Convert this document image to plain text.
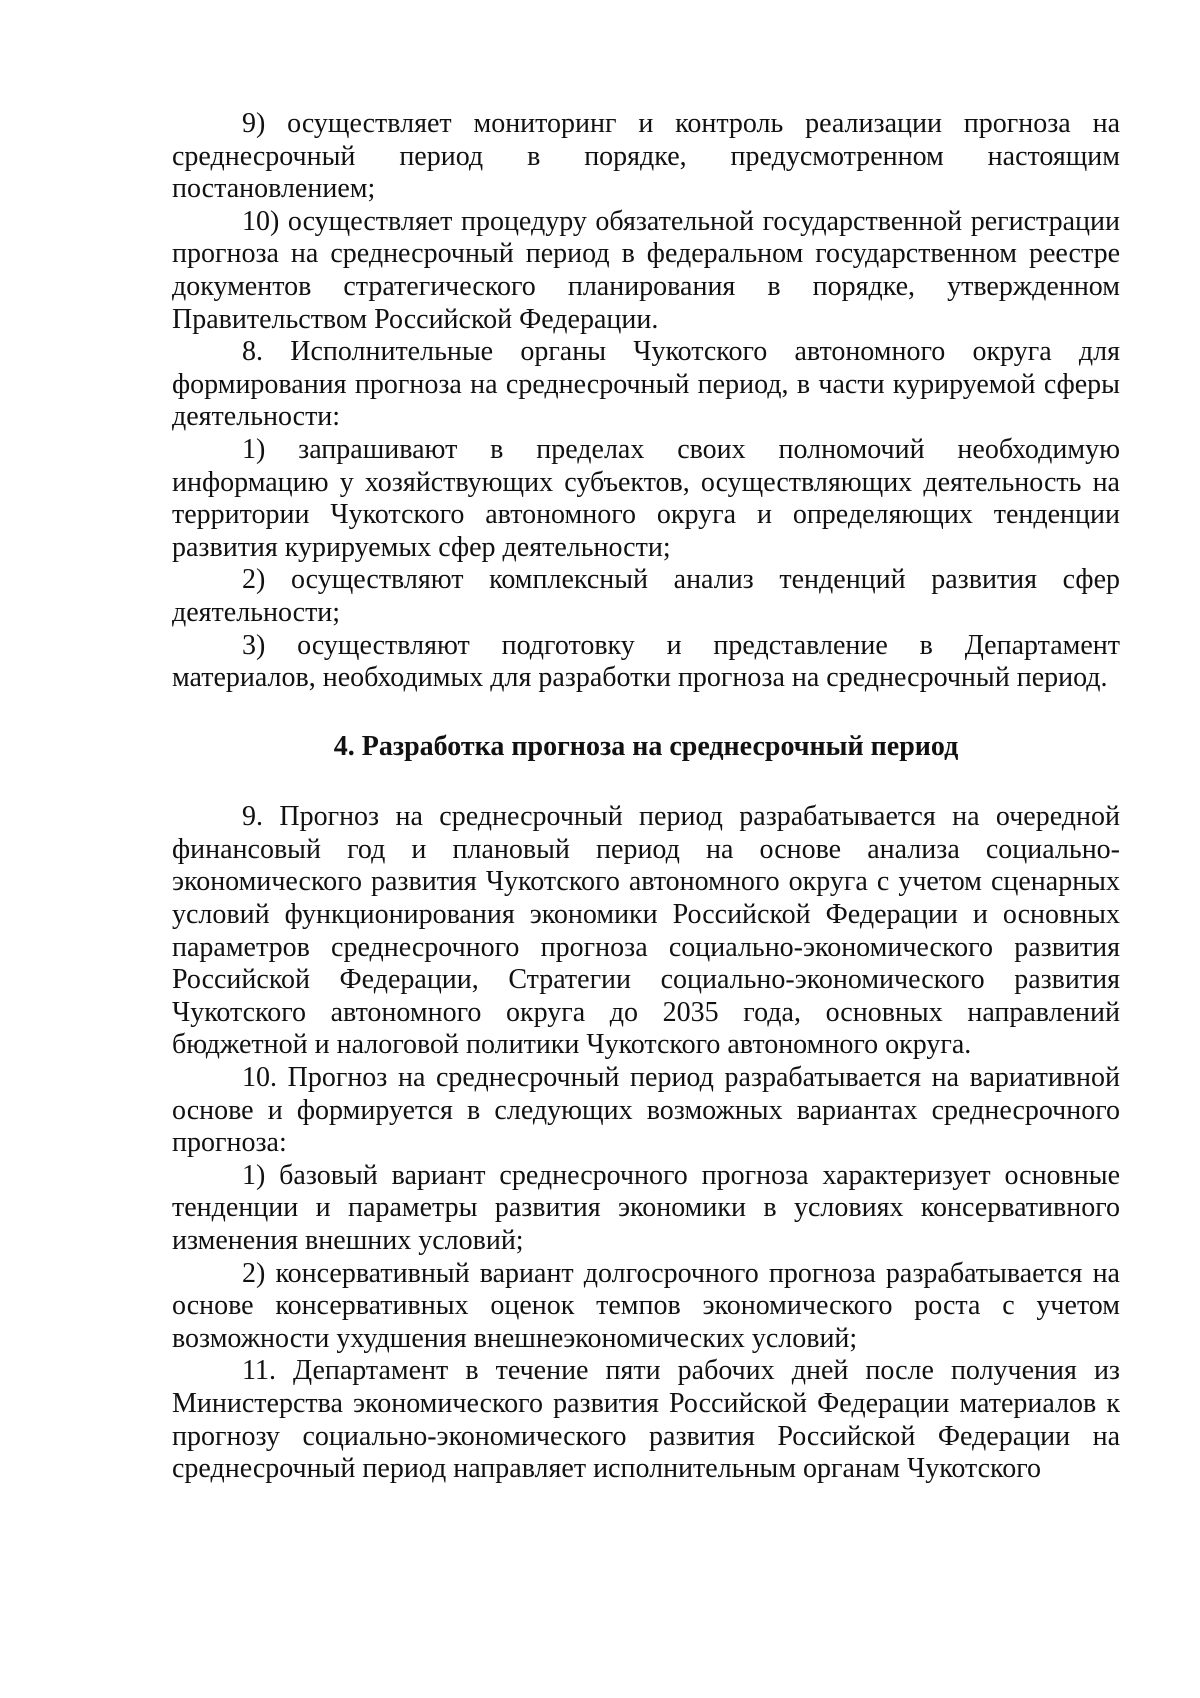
9) осуществляет мониторинг и контроль реализации прогноза на среднесрочный период в порядке, предусмотренном настоящим постановлением;

10) осуществляет процедуру обязательной государственной регистрации прогноза на среднесрочный период в федеральном государственном реестре документов стратегического планирования в порядке, утвержденном Правительством Российской Федерации.

8. Исполнительные органы Чукотского автономного округа для формирования прогноза на среднесрочный период, в части курируемой сферы деятельности:

1) запрашивают в пределах своих полномочий необходимую информацию у хозяйствующих субъектов, осуществляющих деятельность на территории Чукотского автономного округа и определяющих тенденции развития курируемых сфер деятельности;

2) осуществляют комплексный анализ тенденций развития сфер деятельности;

3) осуществляют подготовку и представление в Департамент материалов, необходимых для разработки прогноза на среднесрочный период.

4. Разработка прогноза на среднесрочный период

9. Прогноз на среднесрочный период разрабатывается на очередной финансовый год и плановый период на основе анализа социально-экономического развития Чукотского автономного округа с учетом сценарных условий функционирования экономики Российской Федерации и основных параметров среднесрочного прогноза социально-экономического развития Российской Федерации, Стратегии социально-экономического развития Чукотского автономного округа до 2035 года, основных направлений бюджетной и налоговой политики Чукотского автономного округа.

10. Прогноз на среднесрочный период разрабатывается на вариативной основе и формируется в следующих возможных вариантах среднесрочного прогноза:

1) базовый вариант среднесрочного прогноза характеризует основные тенденции и параметры развития экономики в условиях консервативного изменения внешних условий;

2) консервативный вариант долгосрочного прогноза разрабатывается на основе консервативных оценок темпов экономического роста с учетом возможности ухудшения внешнеэкономических условий;

11. Департамент в течение пяти рабочих дней после получения из Министерства экономического развития Российской Федерации материалов к прогнозу социально-экономического развития Российской Федерации на среднесрочный период направляет исполнительным органам Чукотского
